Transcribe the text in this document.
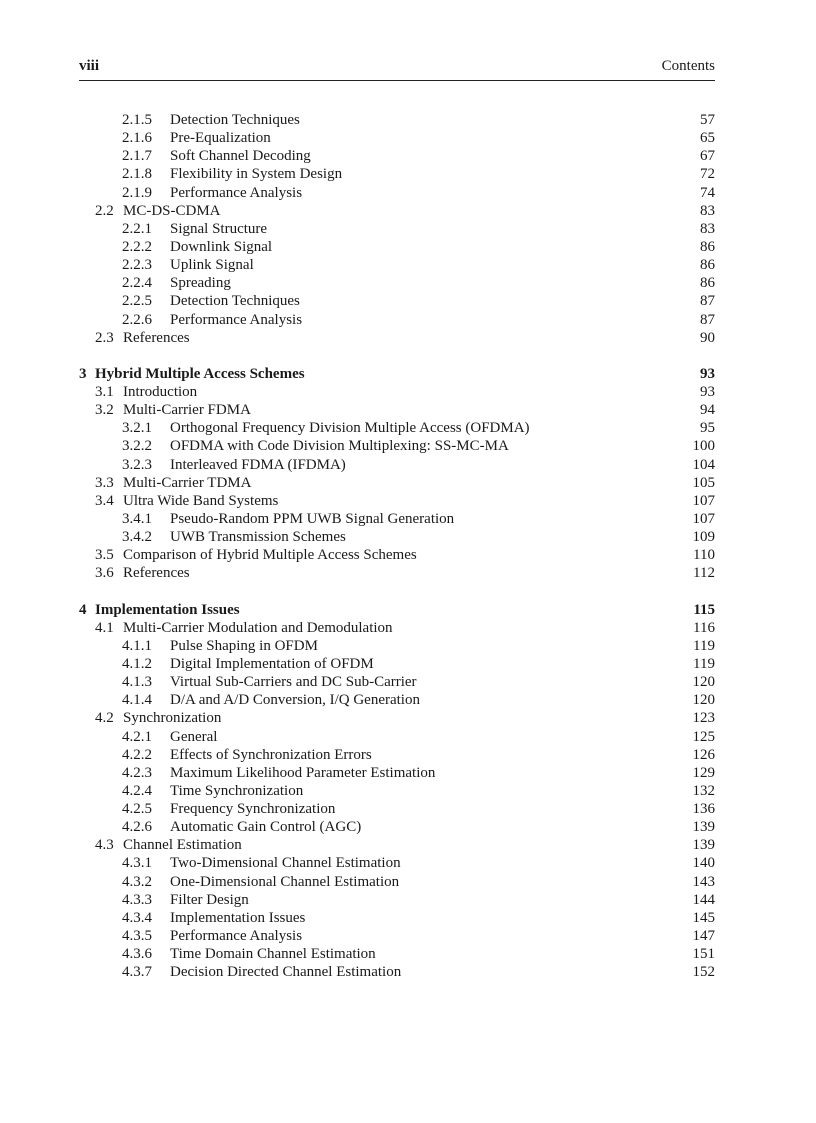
viii	Contents
2.1.5 Detection Techniques	57
2.1.6 Pre-Equalization	65
2.1.7 Soft Channel Decoding	67
2.1.8 Flexibility in System Design	72
2.1.9 Performance Analysis	74
2.2 MC-DS-CDMA	83
2.2.1 Signal Structure	83
2.2.2 Downlink Signal	86
2.2.3 Uplink Signal	86
2.2.4 Spreading	86
2.2.5 Detection Techniques	87
2.2.6 Performance Analysis	87
2.3 References	90
3 Hybrid Multiple Access Schemes	93
3.1 Introduction	93
3.2 Multi-Carrier FDMA	94
3.2.1 Orthogonal Frequency Division Multiple Access (OFDMA)	95
3.2.2 OFDMA with Code Division Multiplexing: SS-MC-MA	100
3.2.3 Interleaved FDMA (IFDMA)	104
3.3 Multi-Carrier TDMA	105
3.4 Ultra Wide Band Systems	107
3.4.1 Pseudo-Random PPM UWB Signal Generation	107
3.4.2 UWB Transmission Schemes	109
3.5 Comparison of Hybrid Multiple Access Schemes	110
3.6 References	112
4 Implementation Issues	115
4.1 Multi-Carrier Modulation and Demodulation	116
4.1.1 Pulse Shaping in OFDM	119
4.1.2 Digital Implementation of OFDM	119
4.1.3 Virtual Sub-Carriers and DC Sub-Carrier	120
4.1.4 D/A and A/D Conversion, I/Q Generation	120
4.2 Synchronization	123
4.2.1 General	125
4.2.2 Effects of Synchronization Errors	126
4.2.3 Maximum Likelihood Parameter Estimation	129
4.2.4 Time Synchronization	132
4.2.5 Frequency Synchronization	136
4.2.6 Automatic Gain Control (AGC)	139
4.3 Channel Estimation	139
4.3.1 Two-Dimensional Channel Estimation	140
4.3.2 One-Dimensional Channel Estimation	143
4.3.3 Filter Design	144
4.3.4 Implementation Issues	145
4.3.5 Performance Analysis	147
4.3.6 Time Domain Channel Estimation	151
4.3.7 Decision Directed Channel Estimation	152
